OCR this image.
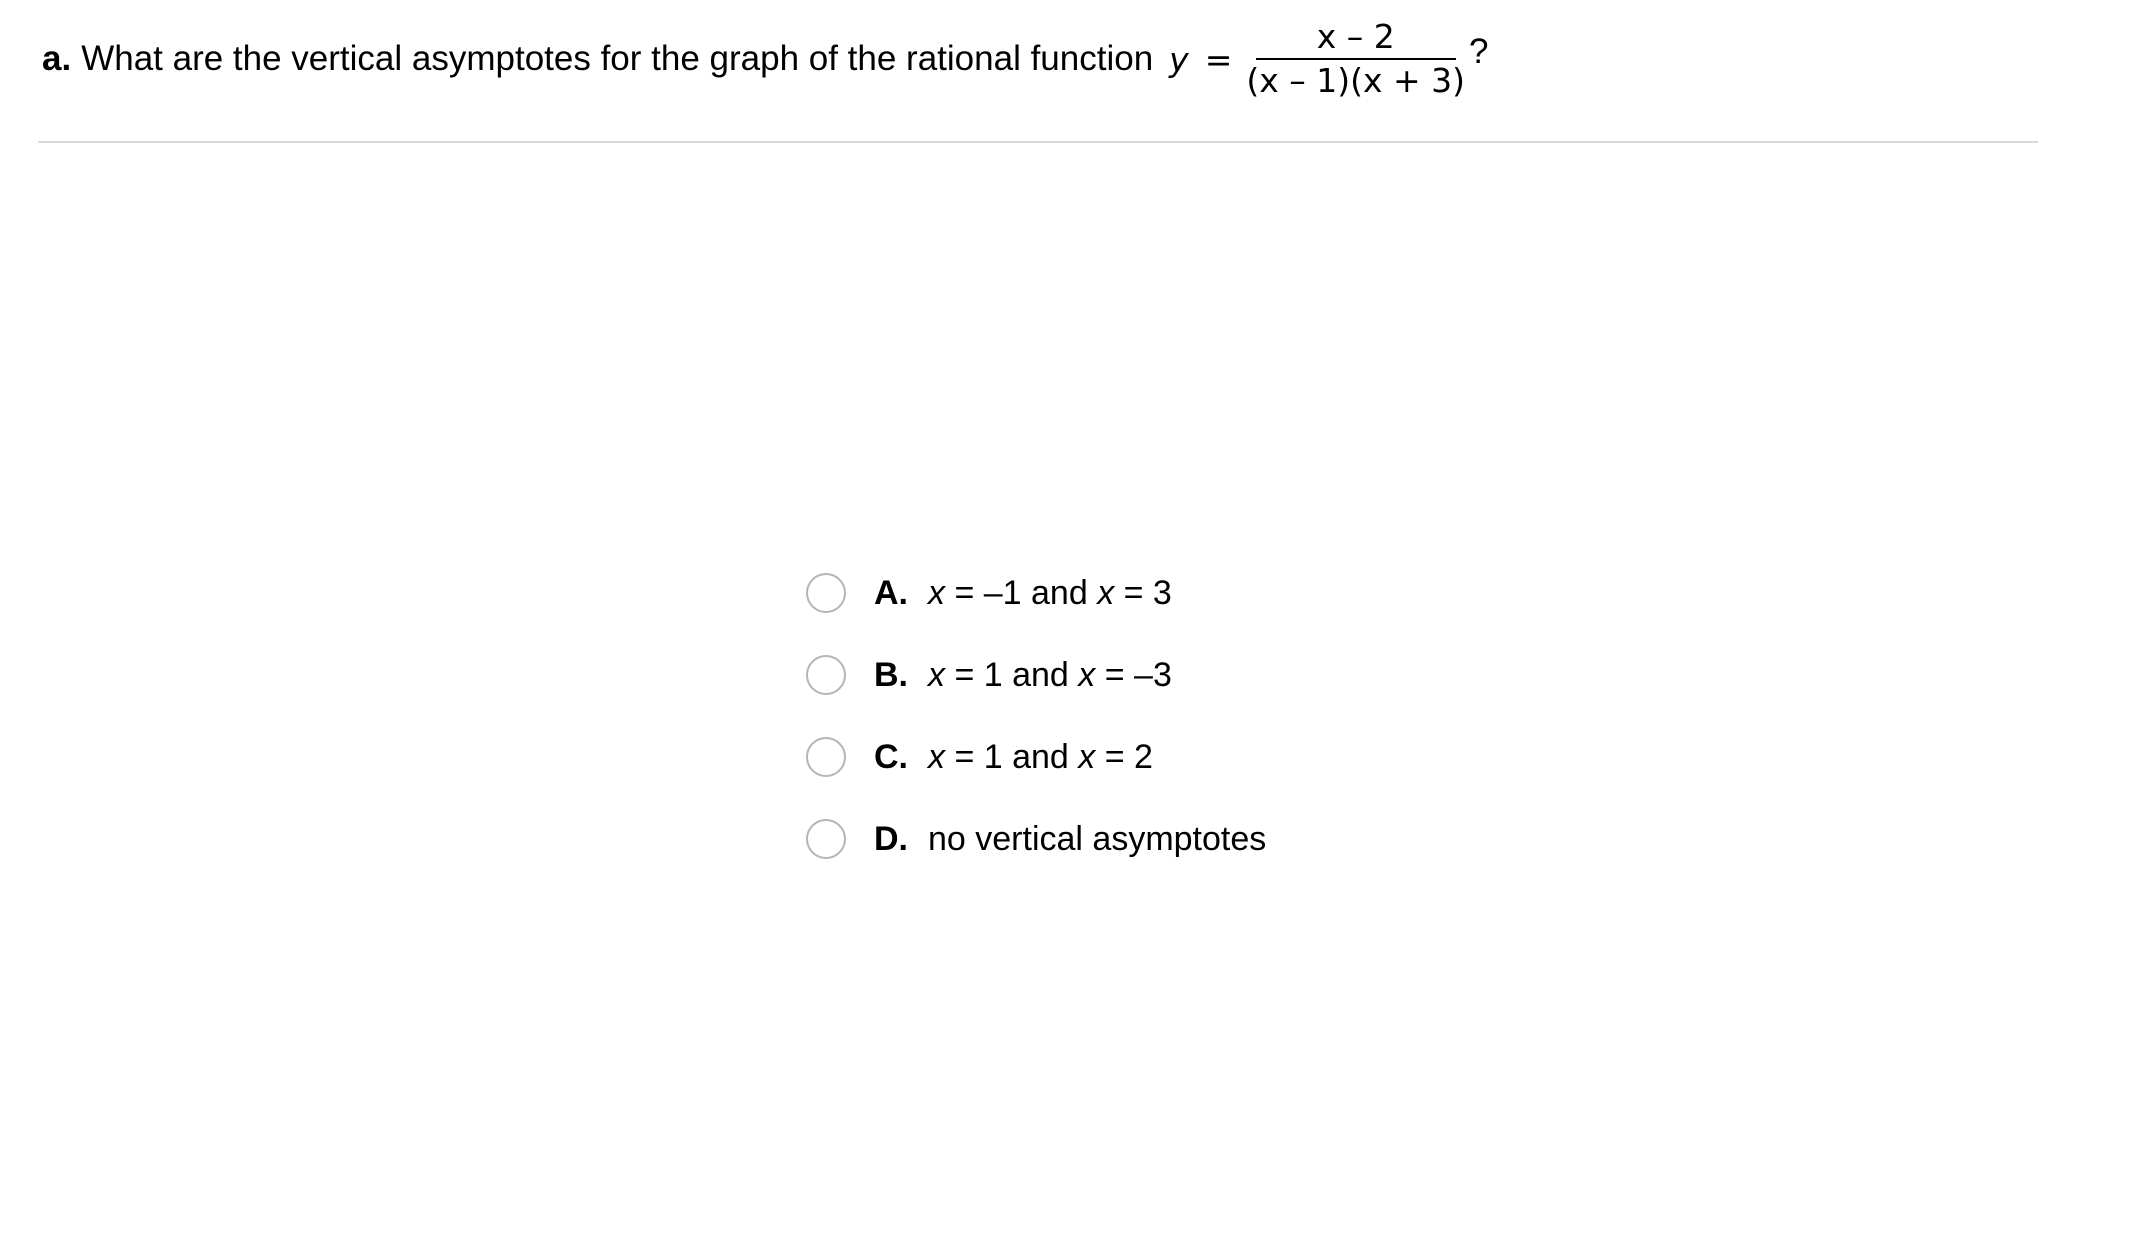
a. What are the vertical asymptotes for the graph of the rational function $y = \frac{x - 2}{(x - 1)(x + 3)}$ ?
A. x = –1 and x = 3
B. x = 1 and x = –3
C. x = 1 and x = 2
D. no vertical asymptotes
